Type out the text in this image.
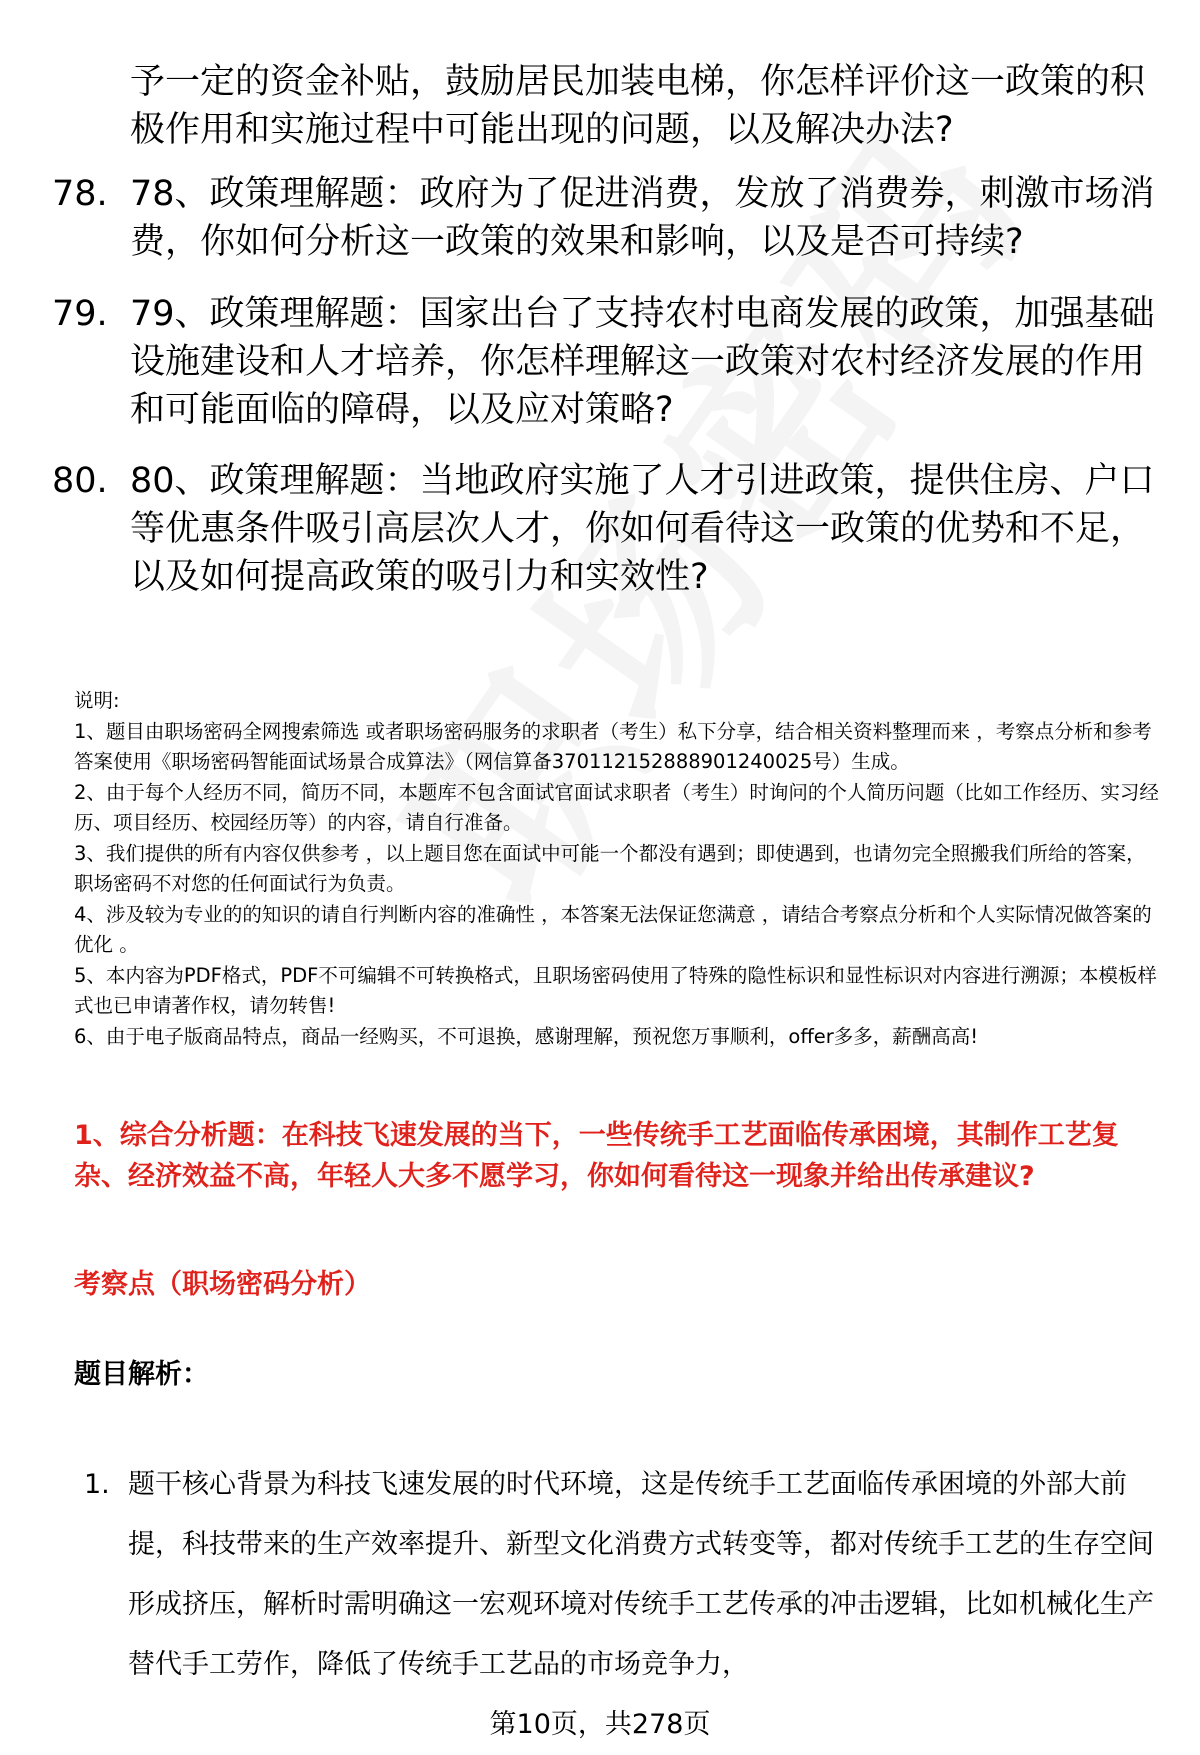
予一定的资金补贴，鼓励居民加装电梯，你怎样评价这一政策的积极作用和实施过程中可能出现的问题，以及解决办法?
78. 78、政策理解题：政府为了促进消费，发放了消费券，刺激市场消费，你如何分析这一政策的效果和影响，以及是否可持续?
79. 79、政策理解题：国家出台了支持农村电商发展的政策，加强基础设施建设和人才培养，你怎样理解这一政策对农村经济发展的作用和可能面临的障碍，以及应对策略?
80. 80、政策理解题：当地政府实施了人才引进政策，提供住房、户口等优惠条件吸引高层次人才，你如何看待这一政策的优势和不足，以及如何提高政策的吸引力和实效性?
说明:
1、题目由职场密码全网搜索筛选 或者职场密码服务的求职者（考生）私下分享，结合相关资料整理而来 ，考察点分析和参考答案使用《职场密码智能面试场景合成算法》（网信算备370112152888901240025号）生成。
2、由于每个人经历不同，简历不同，本题库不包含面试官面试求职者（考生）时询问的个人简历问题（比如工作经历、实习经历、项目经历、校园经历等）的内容，请自行准备。
3、我们提供的所有内容仅供参考 ，以上题目您在面试中可能一个都没有遇到；即使遇到，也请勿完全照搬我们所给的答案，职场密码不对您的任何面试行为负责。
4、涉及较为专业的的知识的请自行判断内容的准确性 ，本答案无法保证您满意 ，请结合考察点分析和个人实际情况做答案的优化 。
5、本内容为PDF格式，PDF不可编辑不可转换格式，且职场密码使用了特殊的隐性标识和显性标识对内容进行溯源；本模板样式也已申请著作权，请勿转售!
6、由于电子版商品特点，商品一经购买，不可退换，感谢理解，预祝您万事顺利，offer多多，薪酬高高!
1、综合分析题：在科技飞速发展的当下，一些传统手工艺面临传承困境，其制作工艺复杂、经济效益不高，年轻人大多不愿学习，你如何看待这一现象并给出传承建议?
考察点（职场密码分析）
题目解析：
1. 题干核心背景为科技飞速发展的时代环境，这是传统手工艺面临传承困境的外部大前提，科技带来的生产效率提升、新型文化消费方式转变等，都对传统手工艺的生存空间形成挤压，解析时需明确这一宏观环境对传统手工艺传承的冲击逻辑，比如机械化生产替代手工劳作，降低了传统手工艺品的市场竞争力，
第10页，共278页
